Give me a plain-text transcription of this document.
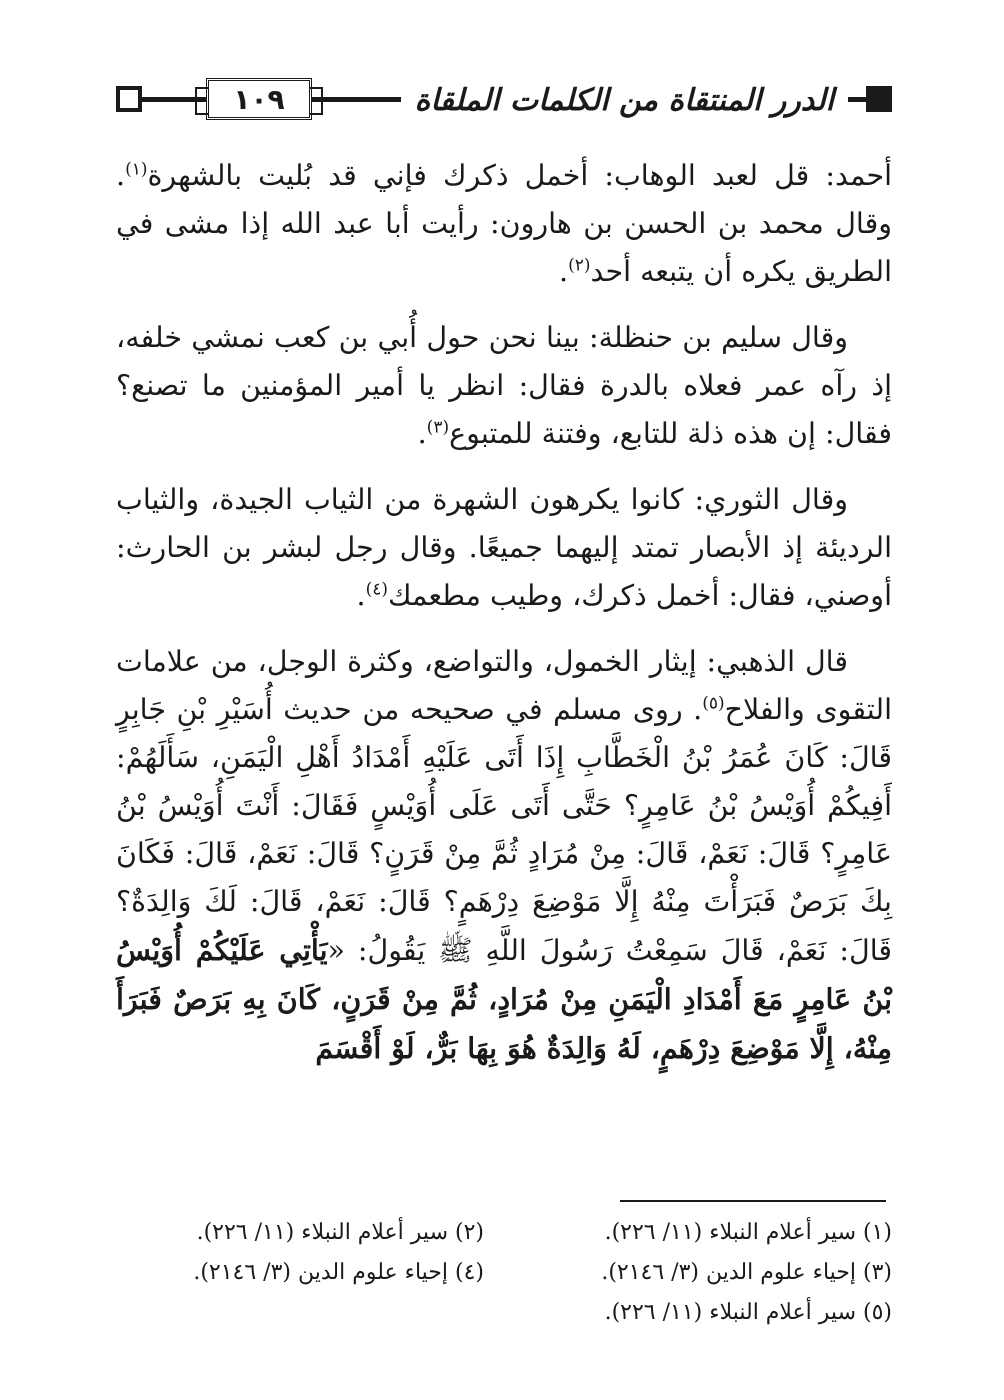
١٠٩	الدرر المنتقاة من الكلمات الملقاة

أحمد: قل لعبد الوهاب: أخمل ذكرك فإني قد بُليت بالشهرة$^{(١)}$. وقال محمد بن الحسن بن هارون: رأيت أبا عبد الله إذا مشى في الطريق يكره أن يتبعه أحد$^{(٢)}$.

وقال سليم بن حنظلة: بينا نحن حول أُبي بن كعب نمشي خلفه، إذ رآه عمر فعلاه بالدرة فقال: انظر يا أمير المؤمنين ما تصنع؟ فقال: إن هذه ذلة للتابع، وفتنة للمتبوع$^{(٣)}$.

وقال الثوري: كانوا يكرهون الشهرة من الثياب الجيدة، والثياب الرديئة إذ الأبصار تمتد إليهما جميعًا. وقال رجل لبشر بن الحارث: أوصني، فقال: أخمل ذكرك، وطيب مطعمك$^{(٤)}$.

قال الذهبي: إيثار الخمول، والتواضع، وكثرة الوجل، من علامات التقوى والفلاح$^{(٥)}$. روى مسلم في صحيحه من حديث أُسَيْرِ بْنِ جَابِرٍ قَالَ: كَانَ عُمَرُ بْنُ الْخَطَّابِ إِذَا أَتَى عَلَيْهِ أَمْدَادُ أَهْلِ الْيَمَنِ، سَأَلَهُمْ: أَفِيكُمْ أُوَيْسُ بْنُ عَامِرٍ؟ حَتَّى أَتَى عَلَى أُوَيْسٍ فَقَالَ: أَنْتَ أُوَيْسُ بْنُ عَامِرٍ؟ قَالَ: نَعَمْ، قَالَ: مِنْ مُرَادٍ ثُمَّ مِنْ قَرَنٍ؟ قَالَ: نَعَمْ، قَالَ: فَكَانَ بِكَ بَرَصٌ فَبَرَأْتَ مِنْهُ إِلَّا مَوْضِعَ دِرْهَمٍ؟ قَالَ: نَعَمْ، قَالَ: لَكَ وَالِدَةٌ؟ قَالَ: نَعَمْ، قَالَ سَمِعْتُ رَسُولَ اللَّهِ ﷺ يَقُولُ: «يَأْتِي عَلَيْكُمْ أُوَيْسُ بْنُ عَامِرٍ مَعَ أَمْدَادِ الْيَمَنِ مِنْ مُرَادٍ، ثُمَّ مِنْ قَرَنٍ، كَانَ بِهِ بَرَصٌ فَبَرَأَ مِنْهُ، إِلَّا مَوْضِعَ دِرْهَمٍ، لَهُ وَالِدَةٌ هُوَ بِهَا بَرٌّ، لَوْ أَقْسَمَ

(١) سير أعلام النبلاء (١١/ ٢٢٦).
(٢) سير أعلام النبلاء (١١/ ٢٢٦).
(٣) إحياء علوم الدين (٣/ ٢١٤٦).
(٤) إحياء علوم الدين (٣/ ٢١٤٦).
(٥) سير أعلام النبلاء (١١/ ٢٢٦).
